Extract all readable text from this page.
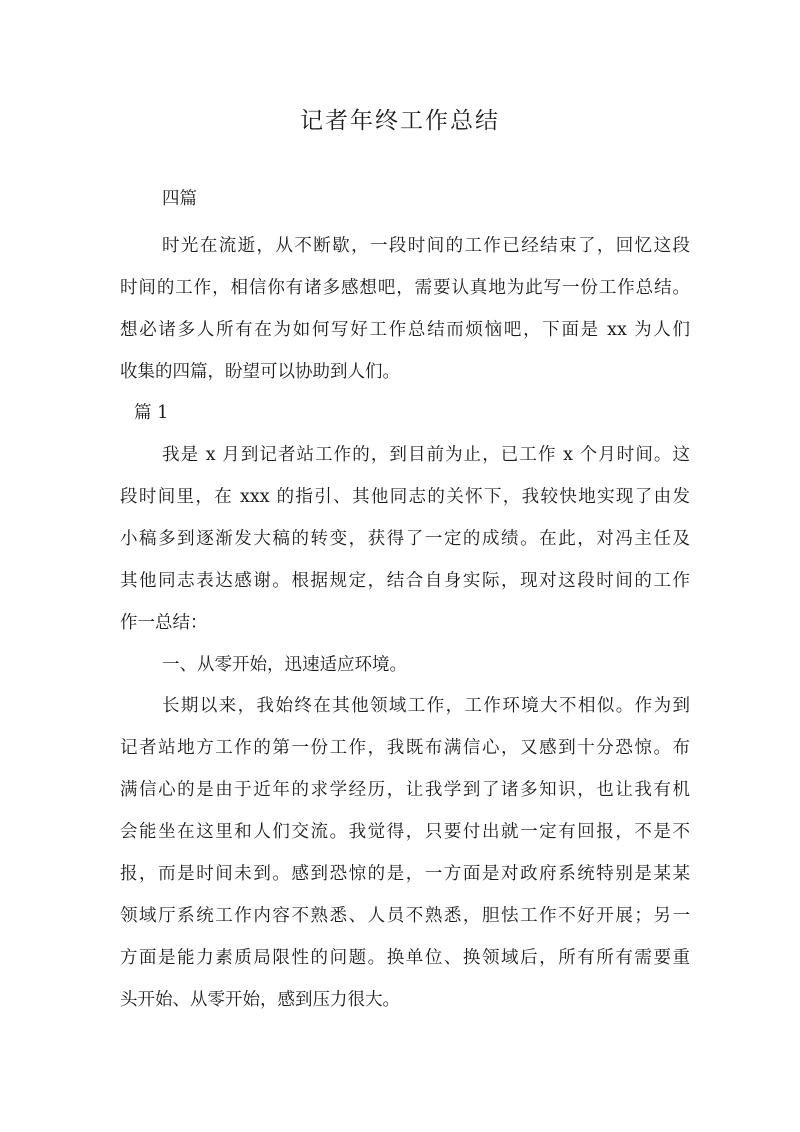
记者年终工作总结
四篇
时光在流逝，从不断歇，一段时间的工作已经结束了，回忆这段
时间的工作，相信你有诸多感想吧，需要认真地为此写一份工作总结。
想必诸多人所有在为如何写好工作总结而烦恼吧，下面是 xx 为人们
收集的四篇，盼望可以协助到人们。
篇 1
我是 x 月到记者站工作的，到目前为止，已工作 x 个月时间。这
段时间里，在 xxx 的指引、其他同志的关怀下，我较快地实现了由发
小稿多到逐渐发大稿的转变，获得了一定的成绩。在此，对冯主任及
其他同志表达感谢。根据规定，结合自身实际，现对这段时间的工作
作一总结：
一、从零开始，迅速适应环境。
长期以来，我始终在其他领域工作，工作环境大不相似。作为到
记者站地方工作的第一份工作，我既布满信心，又感到十分恐惊。布
满信心的是由于近年的求学经历，让我学到了诸多知识，也让我有机
会能坐在这里和人们交流。我觉得，只要付出就一定有回报，不是不
报，而是时间未到。感到恐惊的是，一方面是对政府系统特别是某某
领域厅系统工作内容不熟悉、人员不熟悉，胆怯工作不好开展；另一
方面是能力素质局限性的问题。换单位、换领域后，所有所有需要重
头开始、从零开始，感到压力很大。
